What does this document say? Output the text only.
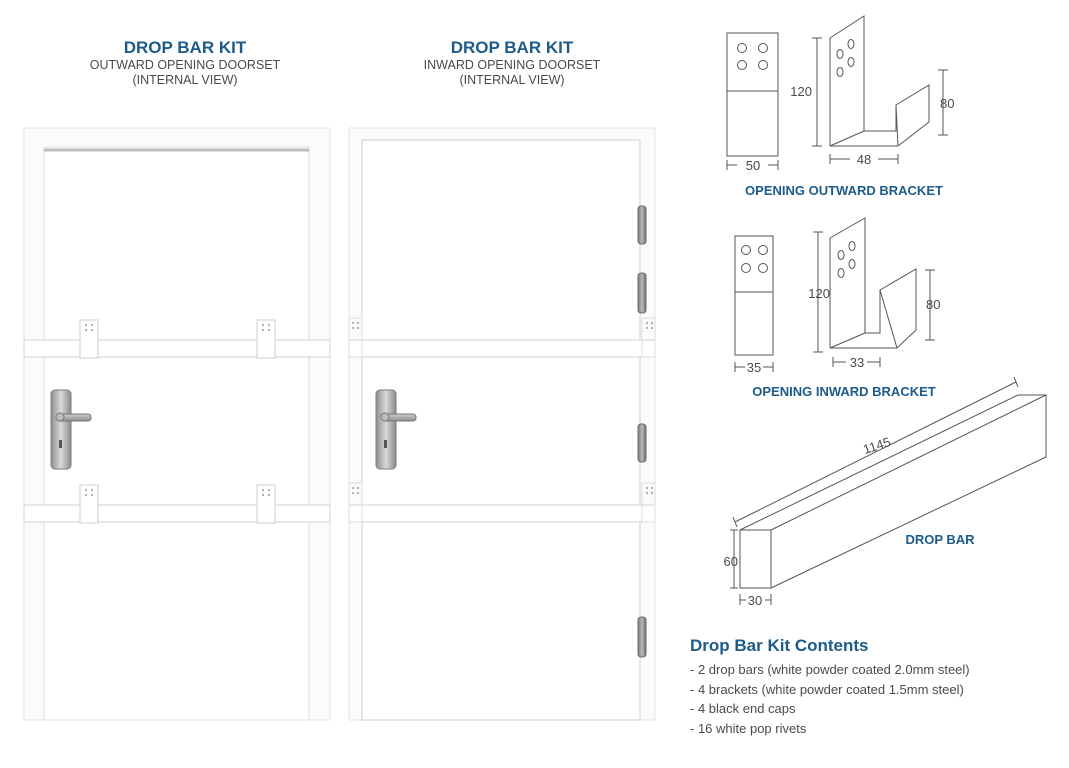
DROP BAR KIT
OUTWARD OPENING DOORSET
(INTERNAL VIEW)
DROP BAR KIT
INWARD OPENING DOORSET
(INTERNAL VIEW)
50
120
80
48
OPENING OUTWARD BRACKET
35
120
80
33
OPENING INWARD BRACKET
1145
60
30
DROP BAR
Drop Bar Kit Contents
- 2 drop bars (white powder coated 2.0mm steel)
- 4 brackets (white powder coated 1.5mm steel)
- 4 black end caps
- 16 white pop rivets
